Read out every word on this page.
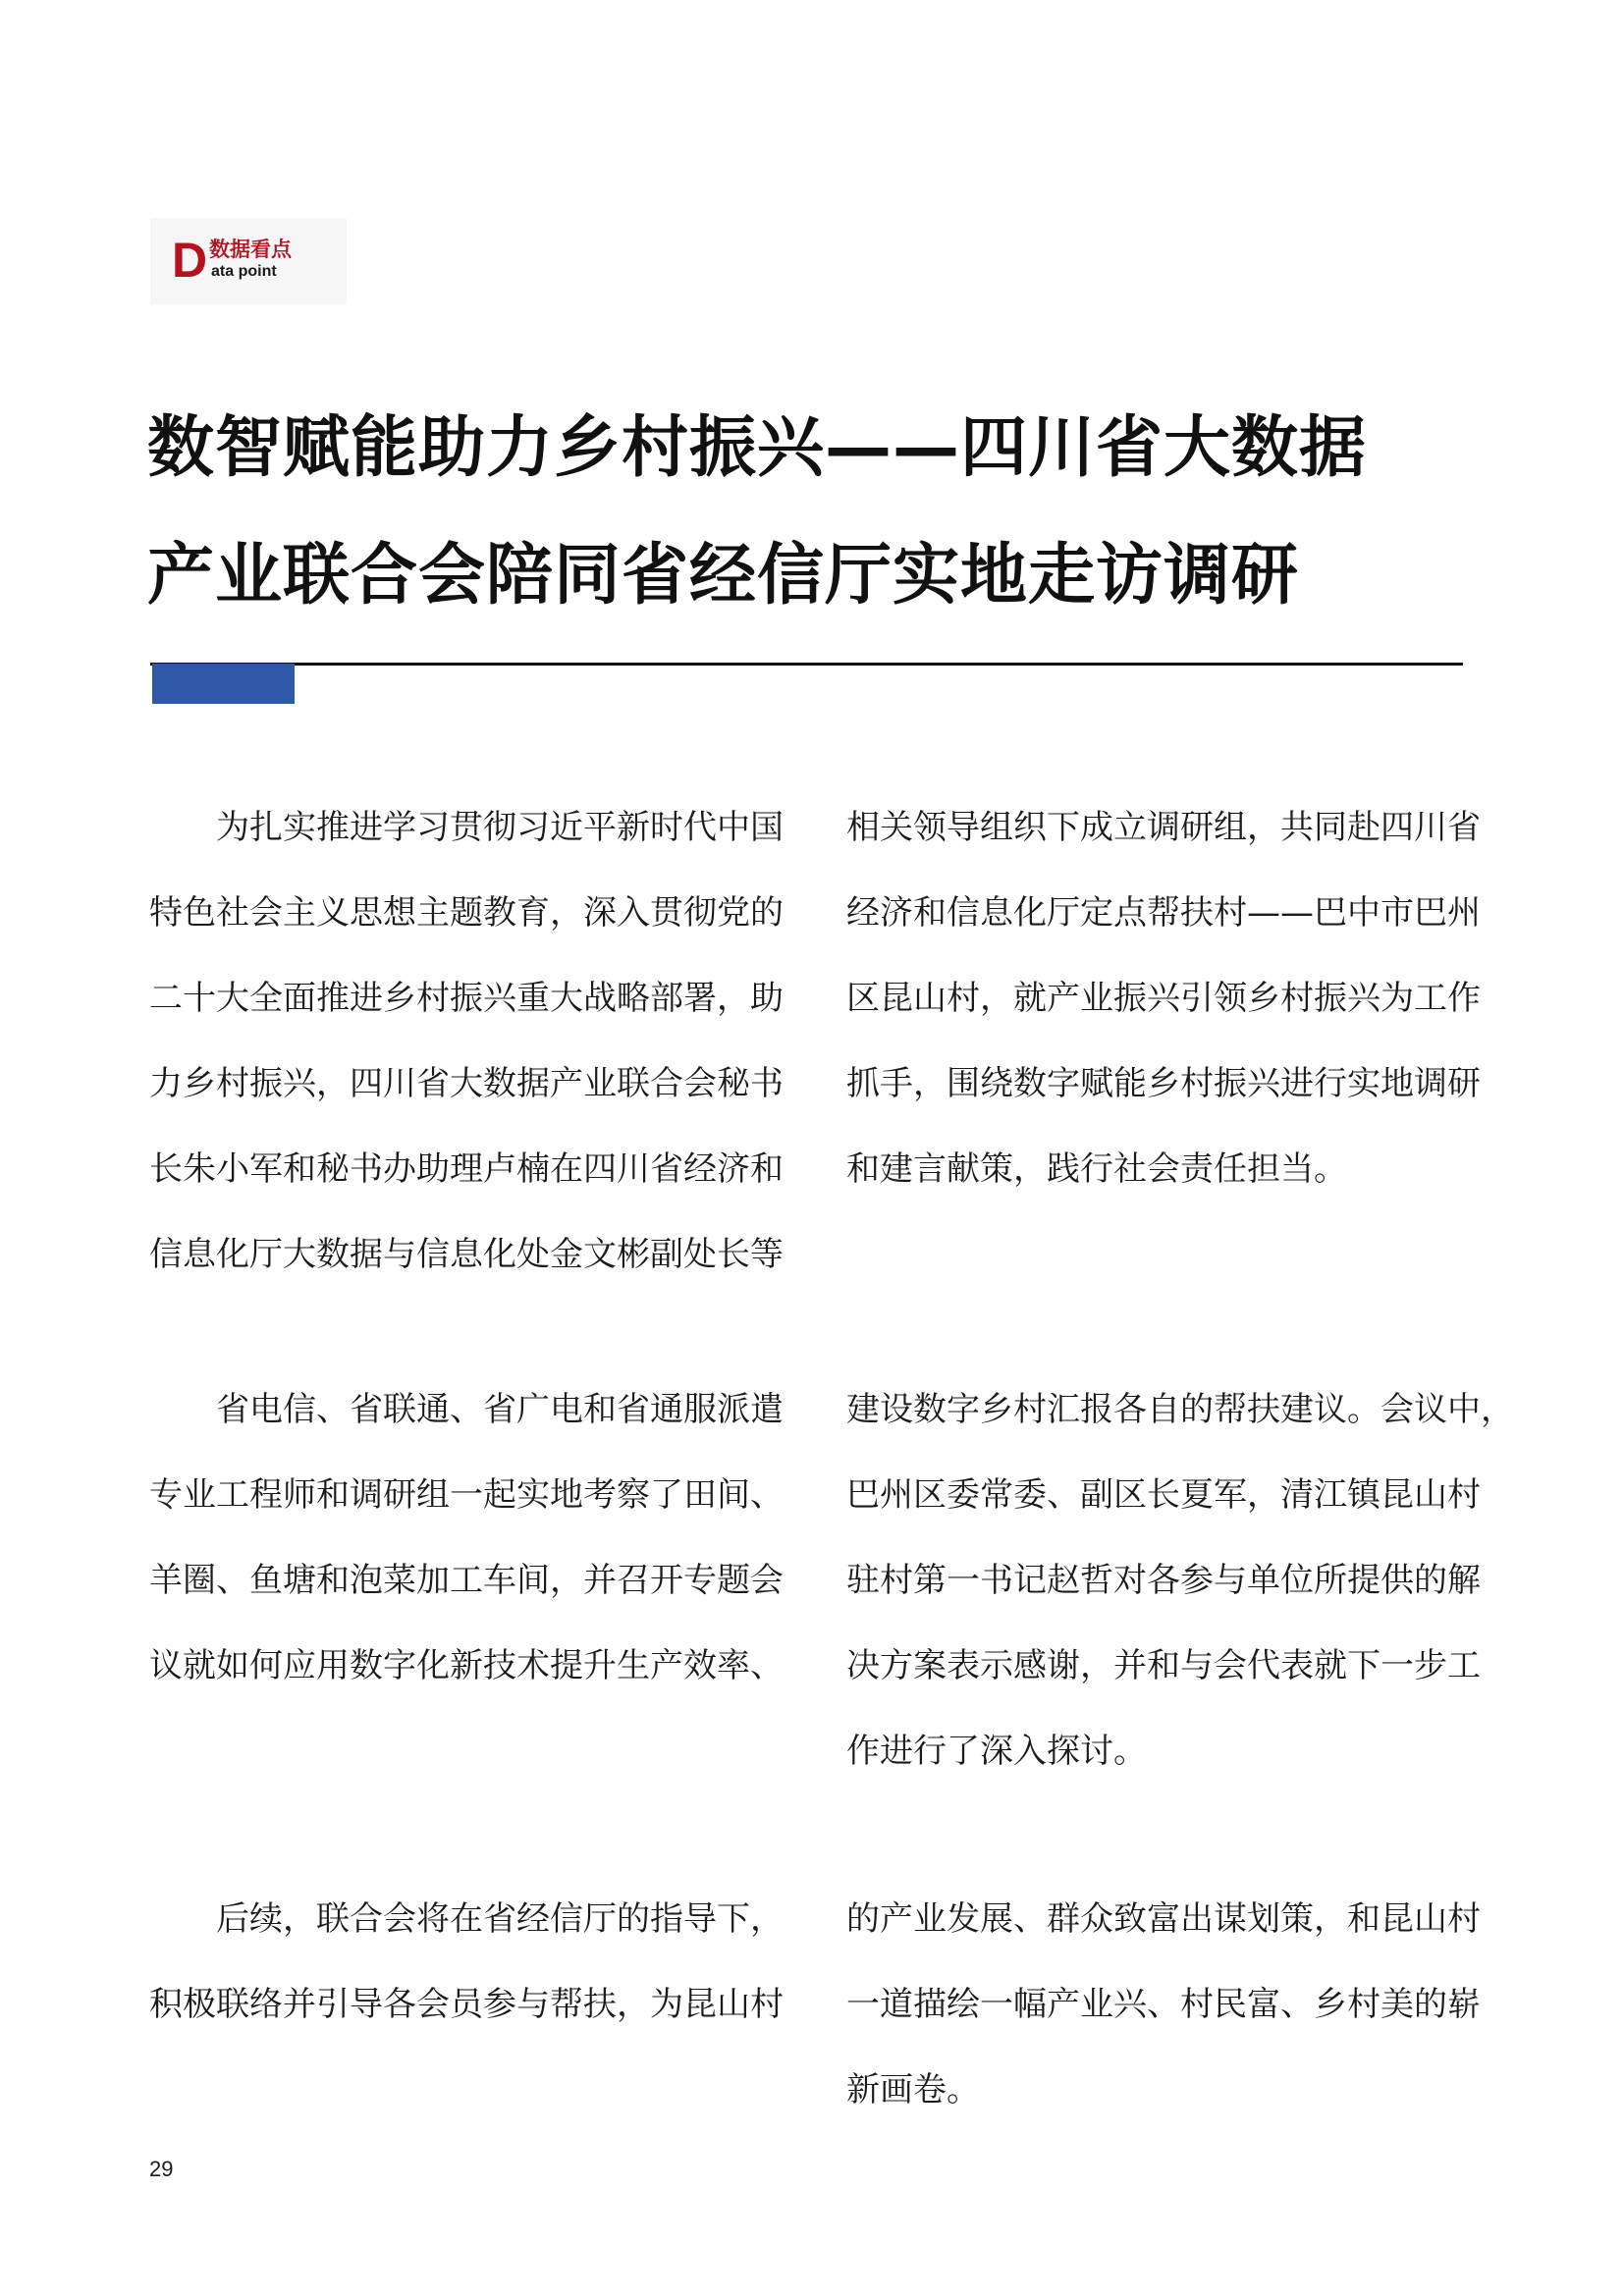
D 数据看点
ata point
数智赋能助力乡村振兴——四川省大数据
产业联合会陪同省经信厅实地走访调研
　　为扎实推进学习贯彻习近平新时代中国
特色社会主义思想主题教育，深入贯彻党的
二十大全面推进乡村振兴重大战略部署，助
力乡村振兴，四川省大数据产业联合会秘书
长朱小军和秘书办助理卢楠在四川省经济和
信息化厅大数据与信息化处金文彬副处长等
相关领导组织下成立调研组，共同赴四川省
经济和信息化厅定点帮扶村——巴中市巴州
区昆山村，就产业振兴引领乡村振兴为工作
抓手，围绕数字赋能乡村振兴进行实地调研
和建言献策，践行社会责任担当。
　　省电信、省联通、省广电和省通服派遣
专业工程师和调研组一起实地考察了田间、
羊圈、鱼塘和泡菜加工车间，并召开专题会
议就如何应用数字化新技术提升生产效率、
建设数字乡村汇报各自的帮扶建议。会议中，
巴州区委常委、副区长夏军，清江镇昆山村
驻村第一书记赵哲对各参与单位所提供的解
决方案表示感谢，并和与会代表就下一步工
作进行了深入探讨。
　　后续，联合会将在省经信厅的指导下，
积极联络并引导各会员参与帮扶，为昆山村
的产业发展、群众致富出谋划策，和昆山村
一道描绘一幅产业兴、村民富、乡村美的崭
新画卷。
29
